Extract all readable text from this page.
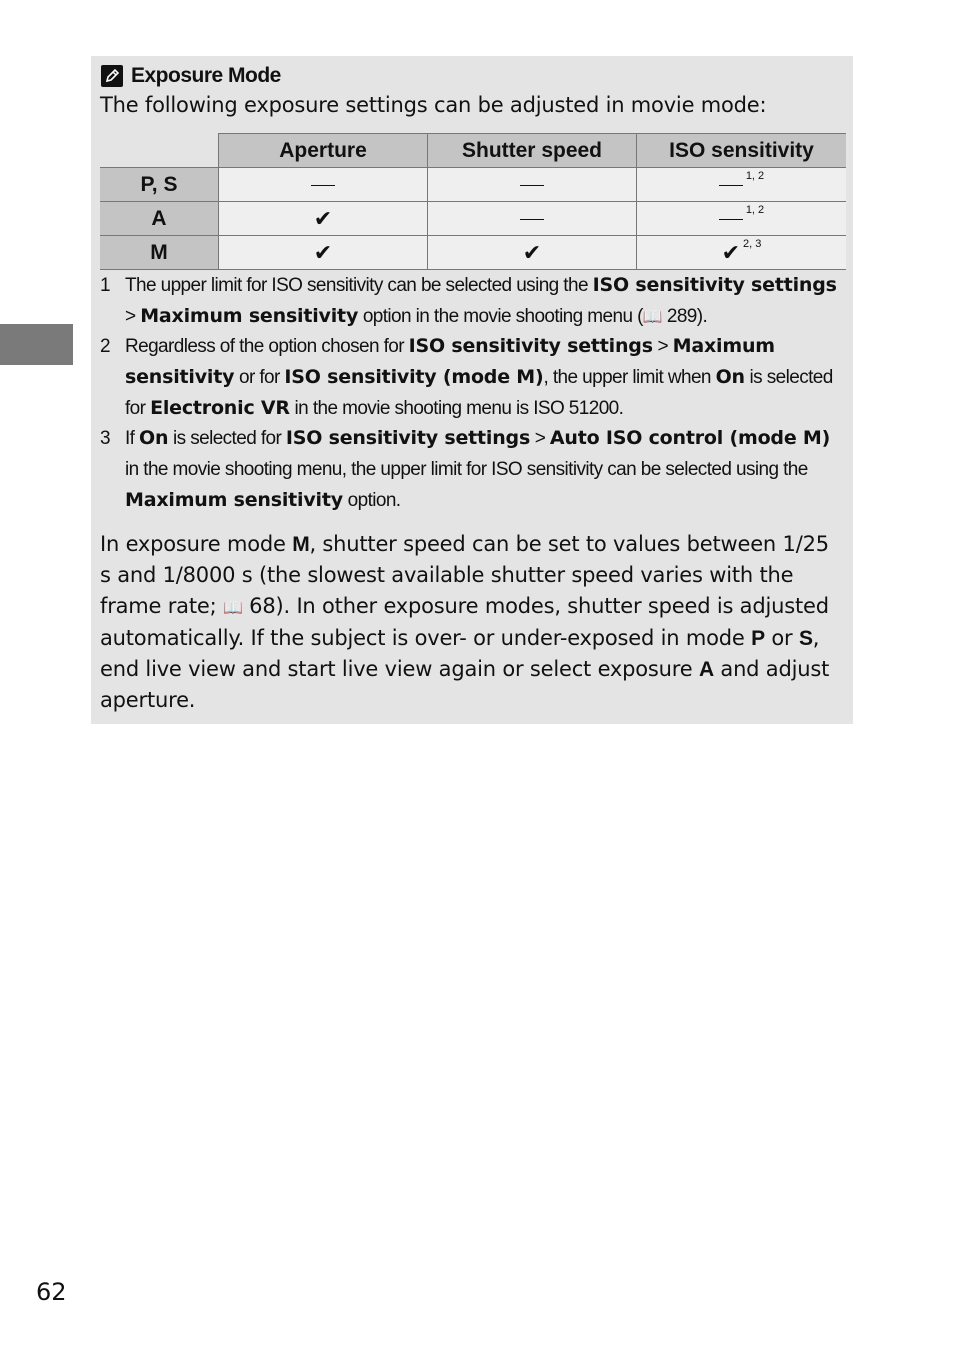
Exposure Mode
The following exposure settings can be adjusted in movie mode:
	Aperture	Shutter speed	ISO sensitivity
P, S			$^{1, 2}$
A	✔		$^{1, 2}$
M	✔	✔	✔ $^{2, 3}$
1 The upper limit for ISO sensitivity can be selected using the ISO sensitivity settings > Maximum sensitivity option in the movie shooting menu (📖 289).
2 Regardless of the option chosen for ISO sensitivity settings > Maximum sensitivity or for ISO sensitivity (mode M), the upper limit when On is selected for Electronic VR in the movie shooting menu is ISO 51200.
3 If On is selected for ISO sensitivity settings > Auto ISO control (mode M) in the movie shooting menu, the upper limit for ISO sensitivity can be selected using the Maximum sensitivity option.
In exposure mode M, shutter speed can be set to values between 1/25 s and 1/8000 s (the slowest available shutter speed varies with the frame rate; 📖 68). In other exposure modes, shutter speed is adjusted automatically. If the subject is over- or under-exposed in mode P or S, end live view and start live view again or select exposure A and adjust aperture.
62
